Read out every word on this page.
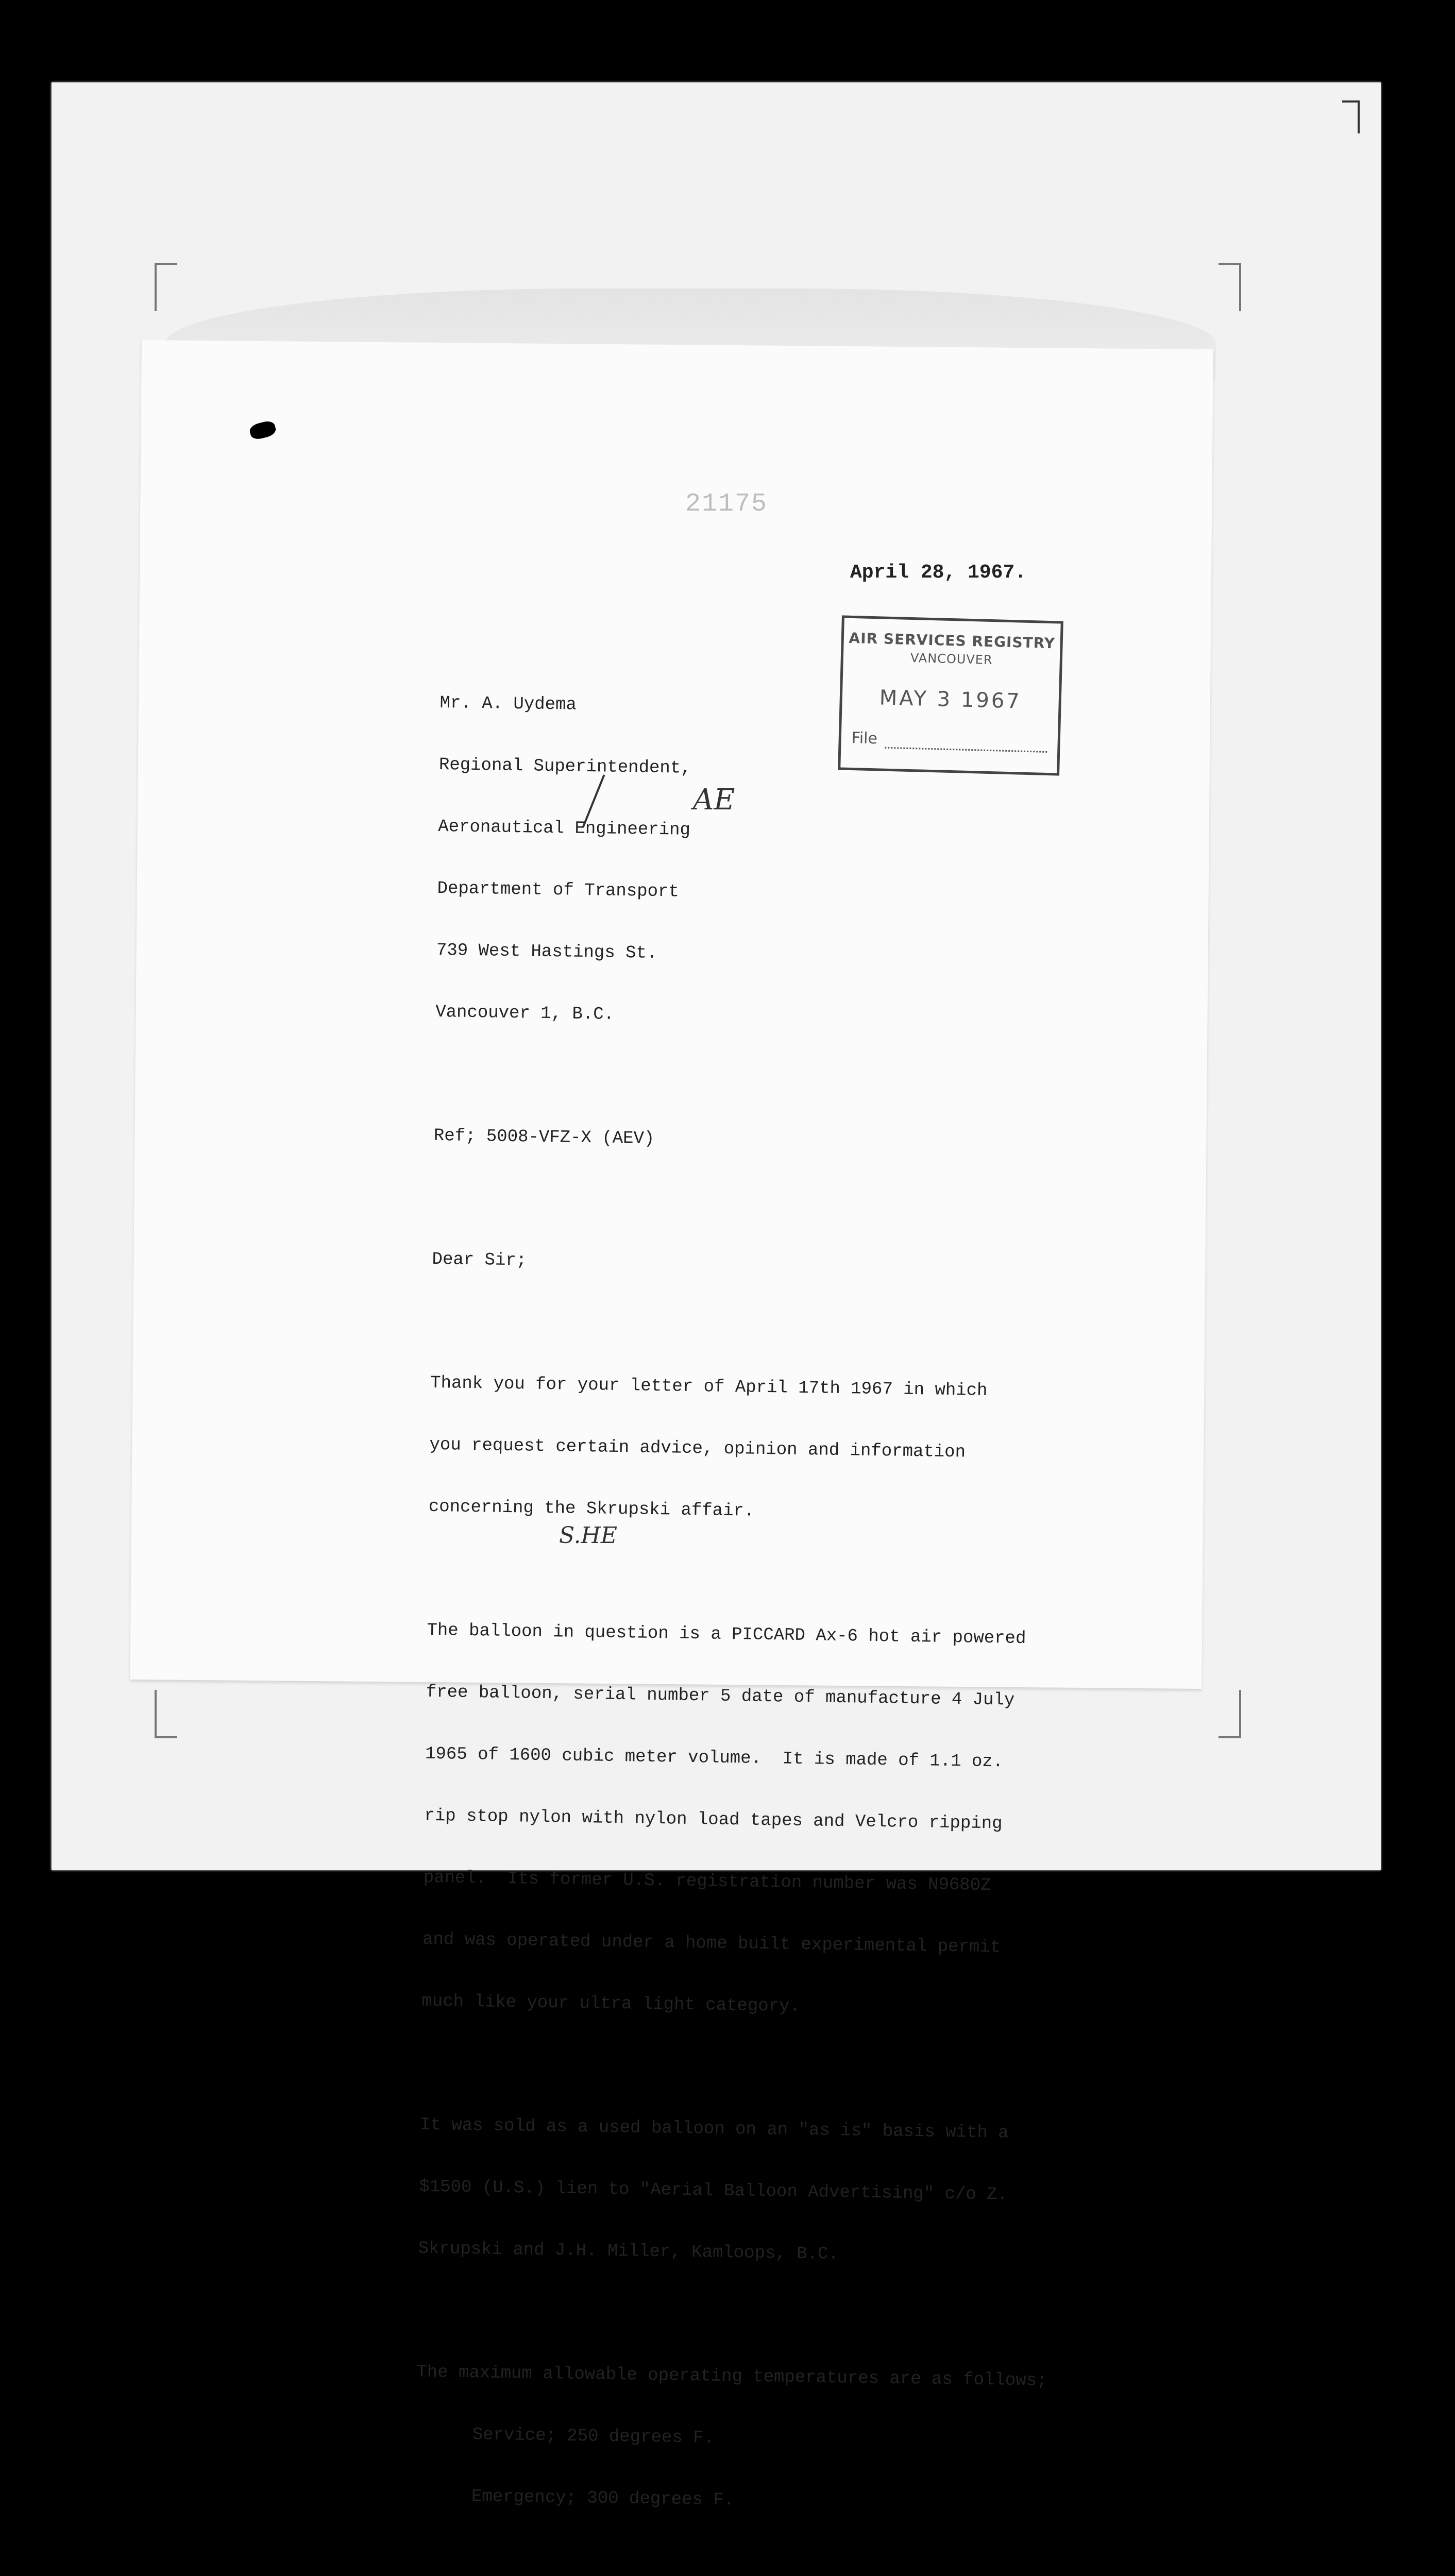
21175
April 28, 1967.
AIR SERVICES REGISTRY
VANCOUVER
MAY 3 1967
File
AE
S.HE

Mr. A. Uydema

Regional Superintendent,

Aeronautical Engineering

Department of Transport

739 West Hastings St.

Vancouver 1, B.C.

Ref; 5008-VFZ-X (AEV)

Dear Sir;

Thank you for your letter of April 17th 1967 in which

you request certain advice, opinion and information

concerning the Skrupski affair.

The balloon in question is a PICCARD Ax-6 hot air powered

free balloon, serial number 5 date of manufacture 4 July

1965 of 1600 cubic meter volume.  It is made of 1.1 oz.

rip stop nylon with nylon load tapes and Velcro ripping

panel.  Its former U.S. registration number was N9680Z

and was operated under a home built experimental permit

much like your ultra light category.

It was sold as a used balloon on an "as is" basis with a

$1500 (U.S.) lien to "Aerial Balloon Advertising" c/o Z.

Skrupski and J.H. Miller, Kamloops, B.C.

The maximum allowable operating temperatures are as follows;

Service; 250 degrees F.

Emergency; 300 degrees F.
